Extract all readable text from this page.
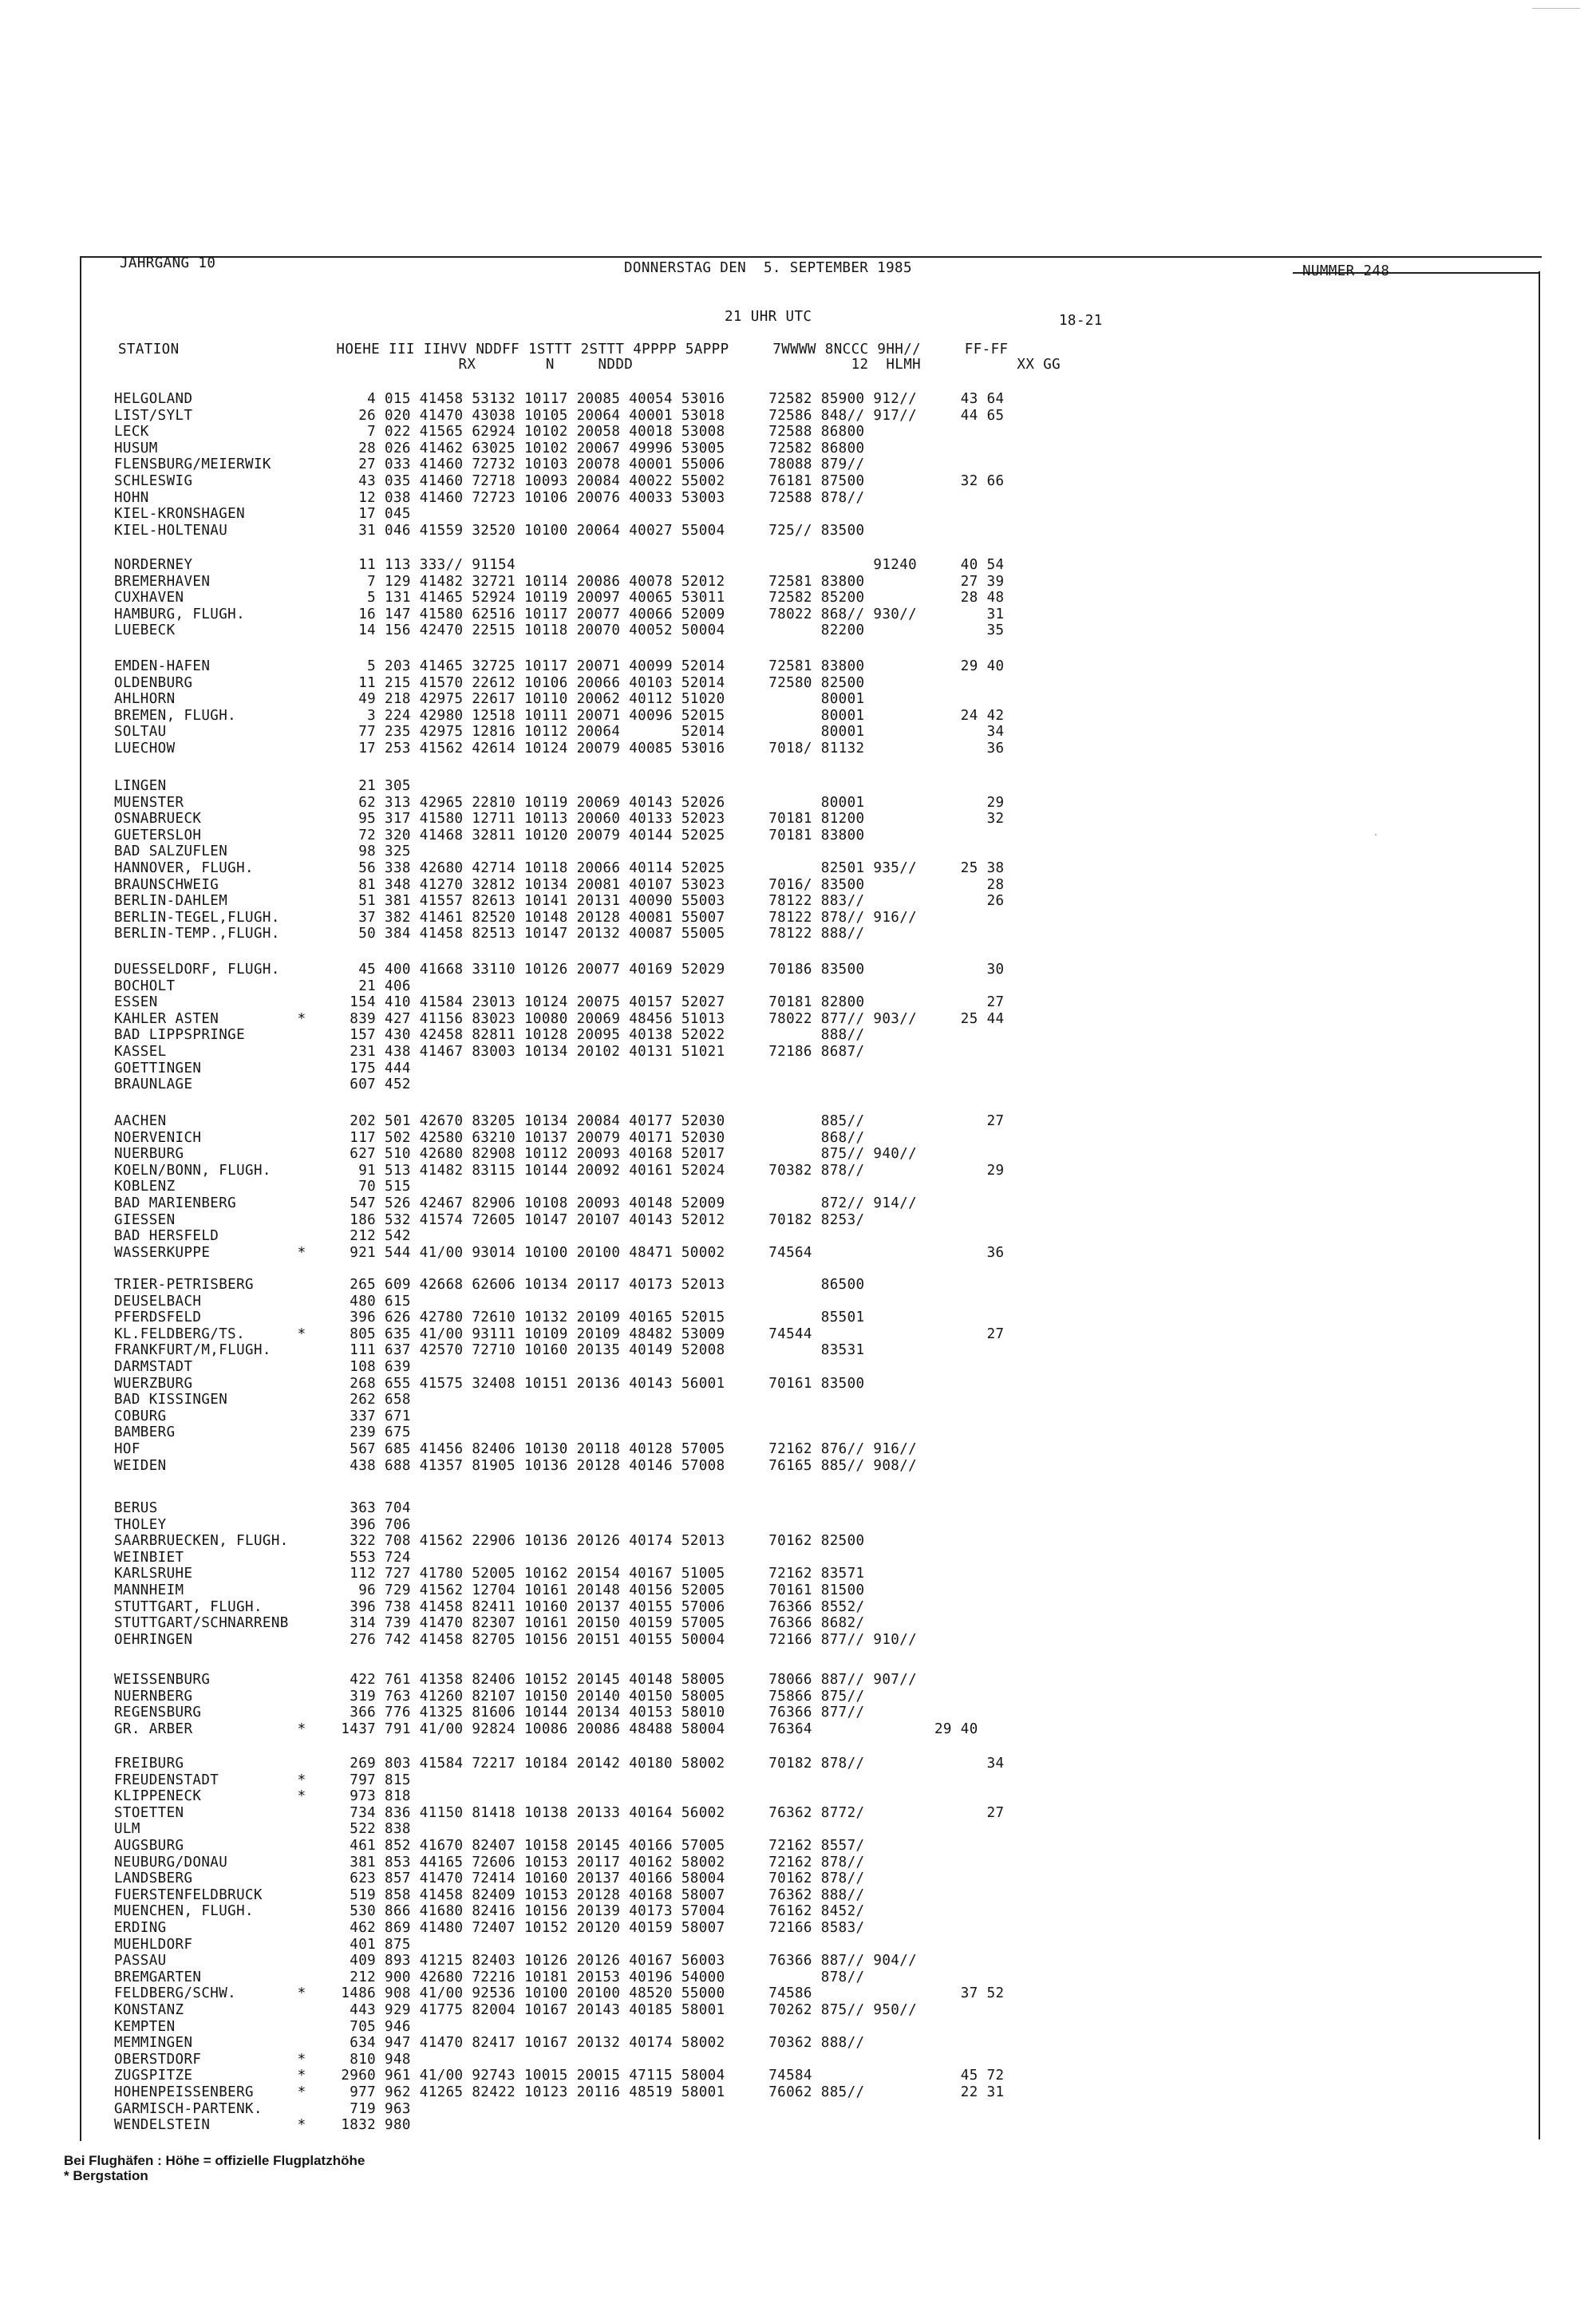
JAHRGANG 10	DONNERSTAG DEN  5. SEPTEMBER 1985	NUMMER 248
21 UHR UTC	18-21
STATION                  HOEHE III IIHVV NDDFF 1STTT 2STTT 4PPPP 5APPP     7WWWW 8NCCC 9HH//     FF-FF
RX        N     NDDD                         12  HLMH           XX GG
HELGOLAND                    4 015 41458 53132 10117 20085 40054 53016     72582 85900 912//     43 64
LIST/SYLT                   26 020 41470 43038 10105 20064 40001 53018     72586 848// 917//     44 65
LECK                         7 022 41565 62924 10102 20058 40018 53008     72588 86800
HUSUM                       28 026 41462 63025 10102 20067 49996 53005     72582 86800
FLENSBURG/MEIERWIK          27 033 41460 72732 10103 20078 40001 55006     78088 879//
SCHLESWIG                   43 035 41460 72718 10093 20084 40022 55002     76181 87500           32 66
HOHN                        12 038 41460 72723 10106 20076 40033 53003     72588 878//
KIEL-KRONSHAGEN             17 045
KIEL-HOLTENAU               31 046 41559 32520 10100 20064 40027 55004     725// 83500
NORDERNEY                   11 113 333// 91154                                         91240     40 54
BREMERHAVEN                  7 129 41482 32721 10114 20086 40078 52012     72581 83800           27 39
CUXHAVEN                     5 131 41465 52924 10119 20097 40065 53011     72582 85200           28 48
HAMBURG, FLUGH.             16 147 41580 62516 10117 20077 40066 52009     78022 868// 930//        31
LUEBECK                     14 156 42470 22515 10118 20070 40052 50004           82200              35
EMDEN-HAFEN                  5 203 41465 32725 10117 20071 40099 52014     72581 83800           29 40
OLDENBURG                   11 215 41570 22612 10106 20066 40103 52014     72580 82500
AHLHORN                     49 218 42975 22617 10110 20062 40112 51020           80001
BREMEN, FLUGH.               3 224 42980 12518 10111 20071 40096 52015           80001           24 42
SOLTAU                      77 235 42975 12816 10112 20064       52014           80001              34
LUECHOW                     17 253 41562 42614 10124 20079 40085 53016     7018/ 81132              36
LINGEN                      21 305
MUENSTER                    62 313 42965 22810 10119 20069 40143 52026           80001              29
OSNABRUECK                  95 317 41580 12711 10113 20060 40133 52023     70181 81200              32
GUETERSLOH                  72 320 41468 32811 10120 20079 40144 52025     70181 83800
BAD SALZUFLEN               98 325
HANNOVER, FLUGH.            56 338 42680 42714 10118 20066 40114 52025           82501 935//     25 38
BRAUNSCHWEIG                81 348 41270 32812 10134 20081 40107 53023     7016/ 83500              28
BERLIN-DAHLEM               51 381 41557 82613 10141 20131 40090 55003     78122 883//              26
BERLIN-TEGEL,FLUGH.         37 382 41461 82520 10148 20128 40081 55007     78122 878// 916//
BERLIN-TEMP.,FLUGH.         50 384 41458 82513 10147 20132 40087 55005     78122 888//
DUESSELDORF, FLUGH.         45 400 41668 33110 10126 20077 40169 52029     70186 83500              30
BOCHOLT                     21 406
ESSEN                      154 410 41584 23013 10124 20075 40157 52027     70181 82800              27
KAHLER ASTEN         *     839 427 41156 83023 10080 20069 48456 51013     78022 877// 903//     25 44
BAD LIPPSPRINGE            157 430 42458 82811 10128 20095 40138 52022           888//
KASSEL                     231 438 41467 83003 10134 20102 40131 51021     72186 8687/
GOETTINGEN                 175 444
BRAUNLAGE                  607 452
AACHEN                     202 501 42670 83205 10134 20084 40177 52030           885//              27
NOERVENICH                 117 502 42580 63210 10137 20079 40171 52030           868//
NUERBURG                   627 510 42680 82908 10112 20093 40168 52017           875// 940//
KOELN/BONN, FLUGH.          91 513 41482 83115 10144 20092 40161 52024     70382 878//              29
KOBLENZ                     70 515
BAD MARIENBERG             547 526 42467 82906 10108 20093 40148 52009           872// 914//
GIESSEN                    186 532 41574 72605 10147 20107 40143 52012     70182 8253/
BAD HERSFELD               212 542
WASSERKUPPE          *     921 544 41/00 93014 10100 20100 48471 50002     74564                    36
TRIER-PETRISBERG           265 609 42668 62606 10134 20117 40173 52013           86500
DEUSELBACH                 480 615
PFERDSFELD                 396 626 42780 72610 10132 20109 40165 52015           85501
KL.FELDBERG/TS.      *     805 635 41/00 93111 10109 20109 48482 53009     74544                    27
FRANKFURT/M,FLUGH.         111 637 42570 72710 10160 20135 40149 52008           83531
DARMSTADT                  108 639
WUERZBURG                  268 655 41575 32408 10151 20136 40143 56001     70161 83500
BAD KISSINGEN              262 658
COBURG                     337 671
BAMBERG                    239 675
HOF                        567 685 41456 82406 10130 20118 40128 57005     72162 876// 916//
WEIDEN                     438 688 41357 81905 10136 20128 40146 57008     76165 885// 908//
BERUS                      363 704
THOLEY                     396 706
SAARBRUECKEN, FLUGH.       322 708 41562 22906 10136 20126 40174 52013     70162 82500
WEINBIET                   553 724
KARLSRUHE                  112 727 41780 52005 10162 20154 40167 51005     72162 83571
MANNHEIM                    96 729 41562 12704 10161 20148 40156 52005     70161 81500
STUTTGART, FLUGH.          396 738 41458 82411 10160 20137 40155 57006     76366 8552/
STUTTGART/SCHNARRENB       314 739 41470 82307 10161 20150 40159 57005     76366 8682/
OEHRINGEN                  276 742 41458 82705 10156 20151 40155 50004     72166 877// 910//
WEISSENBURG                422 761 41358 82406 10152 20145 40148 58005     78066 887// 907//
NUERNBERG                  319 763 41260 82107 10150 20140 40150 58005     75866 875//
REGENSBURG                 366 776 41325 81606 10144 20134 40153 58010     76366 877//
GR. ARBER            *    1437 791 41/00 92824 10086 20086 48488 58004     76364              29 40
FREIBURG                   269 803 41584 72217 10184 20142 40180 58002     70182 878//              34
FREUDENSTADT         *     797 815
KLIPPENECK           *     973 818
STOETTEN                   734 836 41150 81418 10138 20133 40164 56002     76362 8772/              27
ULM                        522 838
AUGSBURG                   461 852 41670 82407 10158 20145 40166 57005     72162 8557/
NEUBURG/DONAU              381 853 44165 72606 10153 20117 40162 58002     72162 878//
LANDSBERG                  623 857 41470 72414 10160 20137 40166 58004     70162 878//
FUERSTENFELDBRUCK          519 858 41458 82409 10153 20128 40168 58007     76362 888//
MUENCHEN, FLUGH.           530 866 41680 82416 10156 20139 40173 57004     76162 8452/
ERDING                     462 869 41480 72407 10152 20120 40159 58007     72166 8583/
MUEHLDORF                  401 875
PASSAU                     409 893 41215 82403 10126 20126 40167 56003     76366 887// 904//
BREMGARTEN                 212 900 42680 72216 10181 20153 40196 54000           878//
FELDBERG/SCHW.       *    1486 908 41/00 92536 10100 20100 48520 55000     74586                 37 52
KONSTANZ                   443 929 41775 82004 10167 20143 40185 58001     70262 875// 950//
KEMPTEN                    705 946
MEMMINGEN                  634 947 41470 82417 10167 20132 40174 58002     70362 888//
OBERSTDORF           *     810 948
ZUGSPITZE            *    2960 961 41/00 92743 10015 20015 47115 58004     74584                 45 72
HOHENPEISSENBERG     *     977 962 41265 82422 10123 20116 48519 58001     76062 885//           22 31
GARMISCH-PARTENK.          719 963
WENDELSTEIN          *    1832 980
Bei Flughäfen : Höhe = offizielle Flugplatzhöhe
* Bergstation
